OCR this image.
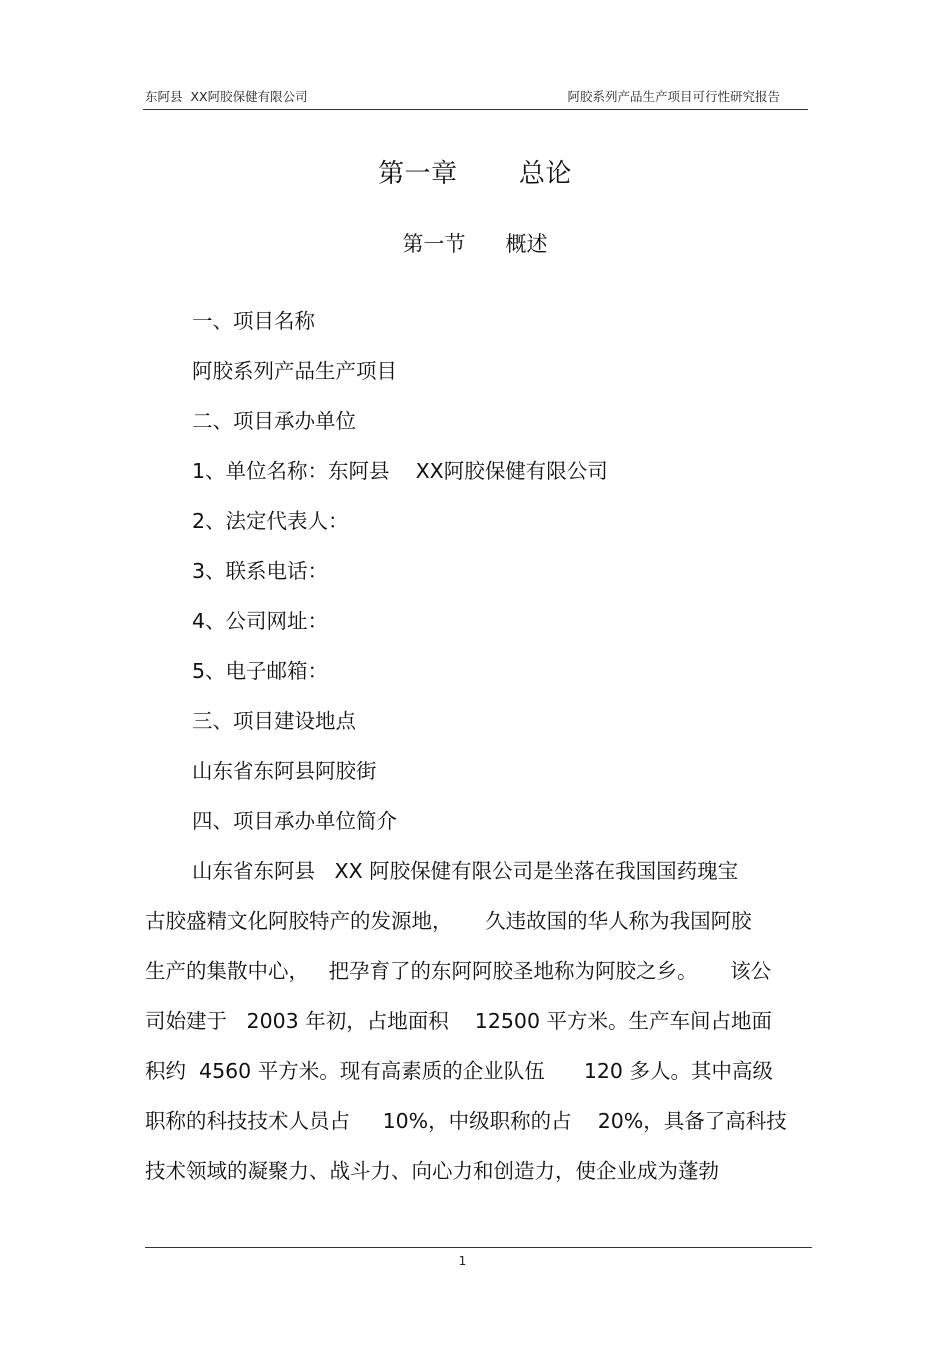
东阿县  XX阿胶保健有限公司	阿胶系列产品生产项目可行性研究报告
第一章       总论
第一节      概述
一、项目名称
阿胶系列产品生产项目
二、项目承办单位
1、单位名称：东阿县    XX阿胶保健有限公司
2、法定代表人：
3、联系电话：
4、公司网址：
5、电子邮箱：
三、项目建设地点
山东省东阿县阿胶街
四、项目承办单位简介
山东省东阿县   XX 阿胶保健有限公司是坐落在我国国药瑰宝
古胶盛精文化阿胶特产的发源地，     久违故国的华人称为我国阿胶
生产的集散中心，   把孕育了的东阿阿胶圣地称为阿胶之乡。     该公
司始建于   2003 年初，占地面积    12500 平方米。生产车间占地面
积约  4560 平方米。现有高素质的企业队伍      120 多人。其中高级
职称的科技技术人员占     10%，中级职称的占    20%，具备了高科技
技术领域的凝聚力、战斗力、向心力和创造力，使企业成为蓬勃
1
